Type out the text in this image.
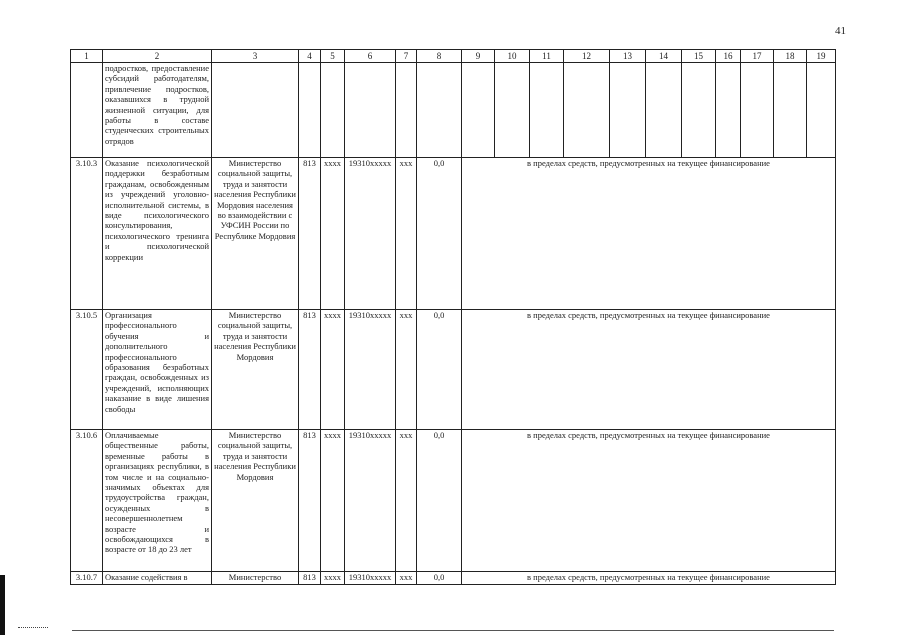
41
1	2	3	4	5	6	7	8	9	10	11	12	13	14	15	16	17	18	19
	подростков, предоставление субсидий работодателям, привлечение подростков, оказавшихся в трудной жизненной ситуации, для работы в составе студенческих строительных отрядов																	
3.10.3	Оказание психологической поддержки безработным гражданам, освобожденным из учреждений уголовно-исполнительной системы, в виде психологического консультирования, психологического тренинга и психологической коррекции	Министерство социальной защиты, труда и занятости населения Республики Мордовия населения во взаимодействии с УФСИН России по Республике Мордовия	813	хххх	19310ххххх	ххх	0,0	в пределах средств, предусмотренных на текущее финансирование										
3.10.5	Организация профессионального обучения и дополнительного профессионального образования безработных граждан, освобожденных из учреждений, исполняющих наказание в виде лишения свободы	Министерство социальной защиты, труда и занятости населения Республики Мордовия	813	хххх	19310ххххх	ххх	0,0	в пределах средств, предусмотренных на текущее финансирование										
3.10.6	Оплачиваемые общественные работы, временные работы в организациях республики, в том числе и на социально-значимых объектах для трудоустройства граждан, осужденных в несовершеннолетнем возрасте и освобождающихся в возрасте от 18 до 23 лет	Министерство социальной защиты, труда и занятости населения Республики Мордовия	813	хххх	19310ххххх	ххх	0,0	в пределах средств, предусмотренных на текущее финансирование										
3.10.7	Оказание содействия в	Министерство	813	хххх	19310ххххх	ххх	0,0	в пределах средств, предусмотренных на текущее финансирование										
